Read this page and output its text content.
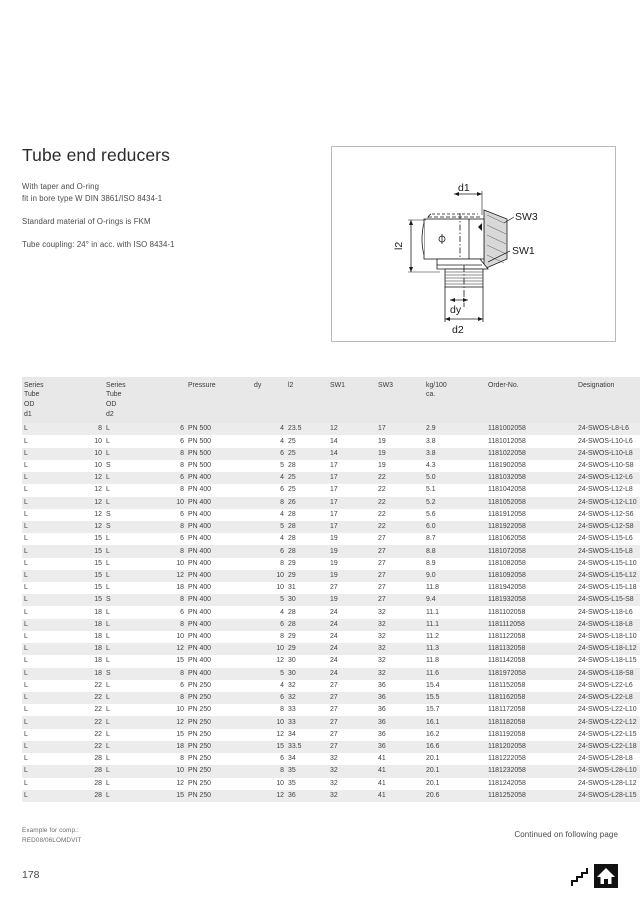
Tube end reducers
With taper and O-ring
fit in bore type W DIN 3861/ISO 8434-1
Standard material of O-rings is FKM
Tube coupling: 24° in acc. with ISO 8434-1
d1
l2
SW3
SW1
dy
d2
Series
Tube OD
d1

Series
Tube OD
d2
		Pressure	dy	l2	SW1	SW3	kg/100
ca.
	Order-No.	Designation
L	8	L	6	PN 500	4	23.5	12	17	2.9	1181002058	24-SWOS-L8-L6
L	10	L	6	PN 500	4	25	14	19	3.8	1181012058	24-SWOS-L10-L6
L	10	L	8	PN 500	6	25	14	19	3.8	1181022058	24-SWOS-L10-L8
L	10	S	8	PN 500	5	28	17	19	4.3	1181902058	24-SWOS-L10-S8
L	12	L	6	PN 400	4	25	17	22	5.0	1181032058	24-SWOS-L12-L6
L	12	L	8	PN 400	6	25	17	22	5.1	1181042058	24-SWOS-L12-L8
L	12	L	10	PN 400	8	26	17	22	5.2	1181052058	24-SWOS-L12-L10
L	12	S	6	PN 400	4	28	17	22	5.6	1181912058	24-SWOS-L12-S6
L	12	S	8	PN 400	5	28	17	22	6.0	1181922058	24-SWOS-L12-S8
L	15	L	6	PN 400	4	28	19	27	8.7	1181062058	24-SWOS-L15-L6
L	15	L	8	PN 400	6	28	19	27	8.8	1181072058	24-SWOS-L15-L8
L	15	L	10	PN 400	8	29	19	27	8.9	1181082058	24-SWOS-L15-L10
L	15	L	12	PN 400	10	29	19	27	9.0	1181092058	24-SWOS-L15-L12
L	15	L	18	PN 400	10	31	27	27	11.8	1181942058	24-SWOS-L15-L18
L	15	S	8	PN 400	5	30	19	27	9.4	1181932058	24-SWOS-L15-S8
L	18	L	6	PN 400	4	28	24	32	11.1	1181102058	24-SWOS-L18-L6
L	18	L	8	PN 400	6	28	24	32	11.1	1181112058	24-SWOS-L18-L8
L	18	L	10	PN 400	8	29	24	32	11.2	1181122058	24-SWOS-L18-L10
L	18	L	12	PN 400	10	29	24	32	11.3	1181132058	24-SWOS-L18-L12
L	18	L	15	PN 400	12	30	24	32	11.8	1181142058	24-SWOS-L18-L15
L	18	S	8	PN 400	5	30	24	32	11.6	1181972058	24-SWOS-L18-S8
L	22	L	6	PN 250	4	32	27	36	15.4	1181152058	24-SWOS-L22-L6
L	22	L	8	PN 250	6	32	27	36	15.5	1181162058	24-SWOS-L22-L8
L	22	L	10	PN 250	8	33	27	36	15.7	1181172058	24-SWOS-L22-L10
L	22	L	12	PN 250	10	33	27	36	16.1	1181182058	24-SWOS-L22-L12
L	22	L	15	PN 250	12	34	27	36	16.2	1181192058	24-SWOS-L22-L15
L	22	L	18	PN 250	15	33.5	27	36	16.6	1181202058	24-SWOS-L22-L18
L	28	L	8	PN 250	6	34	32	41	20.1	1181222058	24-SWOS-L28-L8
L	28	L	10	PN 250	8	35	32	41	20.1	1181232058	24-SWOS-L28-L10
L	28	L	12	PN 250	10	35	32	41	20.1	1181242058	24-SWOS-L28-L12
L	28	L	15	PN 250	12	36	32	41	20.6	1181252058	24-SWOS-L28-L15
Example for comp.:
RED08/06LOMDVIT
Continued on following page
178
